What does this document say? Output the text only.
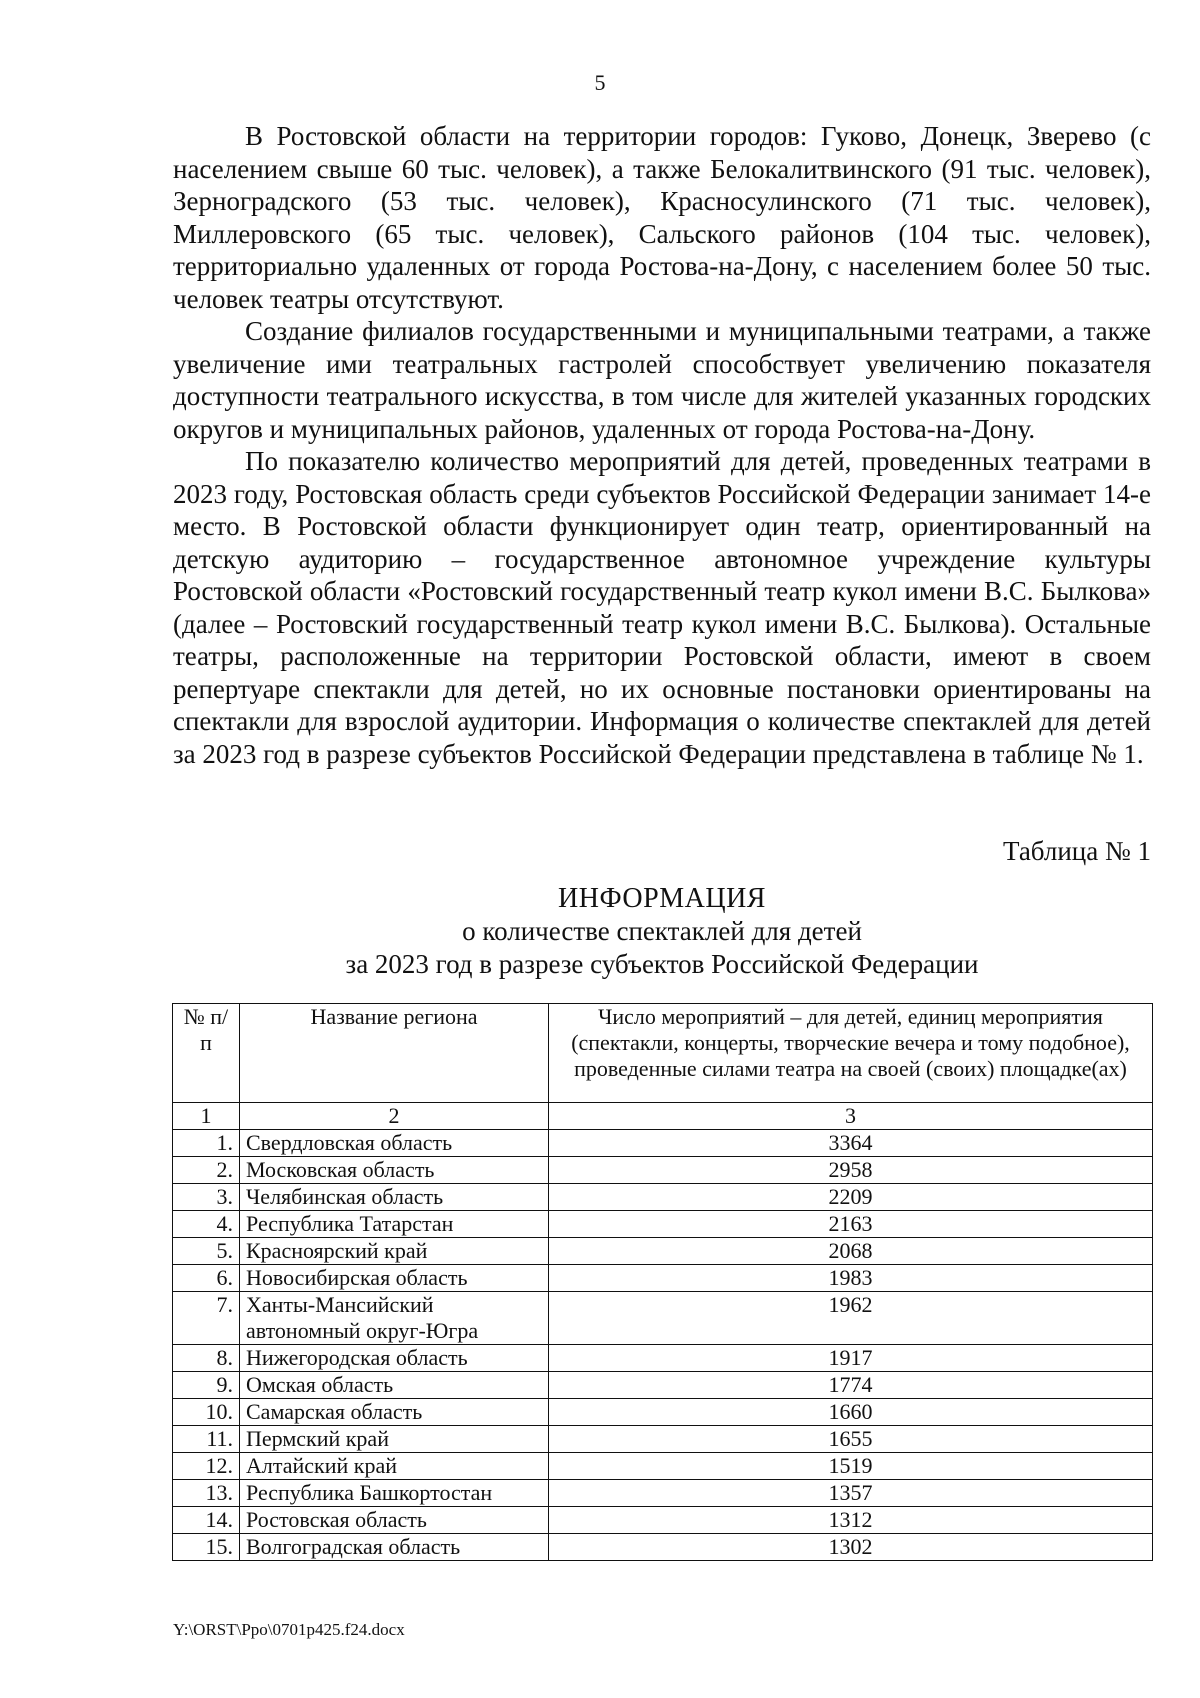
5

В Ростовской области на территории городов: Гуково, Донецк, Зверево (с населением свыше 60 тыс. человек), а также Белокалитвинского (91 тыс. человек), Зерноградского (53 тыс. человек), Красносулинского (71 тыс. человек), Миллеровского (65 тыс. человек), Сальского районов (104 тыс. человек), территориально удаленных от города Ростова-на-Дону, с населением более 50 тыс. человек театры отсутствуют.

Создание филиалов государственными и муниципальными театрами, а также увеличение ими театральных гастролей способствует увеличению показателя доступности театрального искусства, в том числе для жителей указанных городских округов и муниципальных районов, удаленных от города Ростова-на-Дону.

По показателю количество мероприятий для детей, проведенных театрами в 2023 году, Ростовская область среди субъектов Российской Федерации занимает 14-е место. В Ростовской области функционирует один театр, ориентированный на детскую аудиторию – государственное автономное учреждение культуры Ростовской области «Ростовский государственный театр кукол имени В.С. Былкова» (далее – Ростовский государственный театр кукол имени В.С. Былкова). Остальные театры, расположенные на территории Ростовской области, имеют в своем репертуаре спектакли для детей, но их основные постановки ориентированы на спектакли для взрослой аудитории. Информация о количестве спектаклей для детей за 2023 год в разрезе субъектов Российской Федерации представлена в таблице № 1.

Таблица № 1
ИНФОРМАЦИЯ
о количестве спектаклей для детей
за 2023 год в разрезе субъектов Российской Федерации
№ п/п	Название региона	Число мероприятий – для детей, единиц мероприятия (спектакли, концерты, творческие вечера и тому подобное), проведенные силами театра на своей (своих) площадке(ах)
1	2	3
1.	Свердловская область	3364
2.	Московская область	2958
3.	Челябинская область	2209
4.	Республика Татарстан	2163
5.	Красноярский край	2068
6.	Новосибирская область	1983
7.	Ханты-Мансийский автономный округ-Югра	1962
8.	Нижегородская область	1917
9.	Омская область	1774
10.	Самарская область	1660
11.	Пермский край	1655
12.	Алтайский край	1519
13.	Республика Башкортостан	1357
14.	Ростовская область	1312
15.	Волгоградская область	1302
Y:\ORST\Ppo\0701p425.f24.docx
